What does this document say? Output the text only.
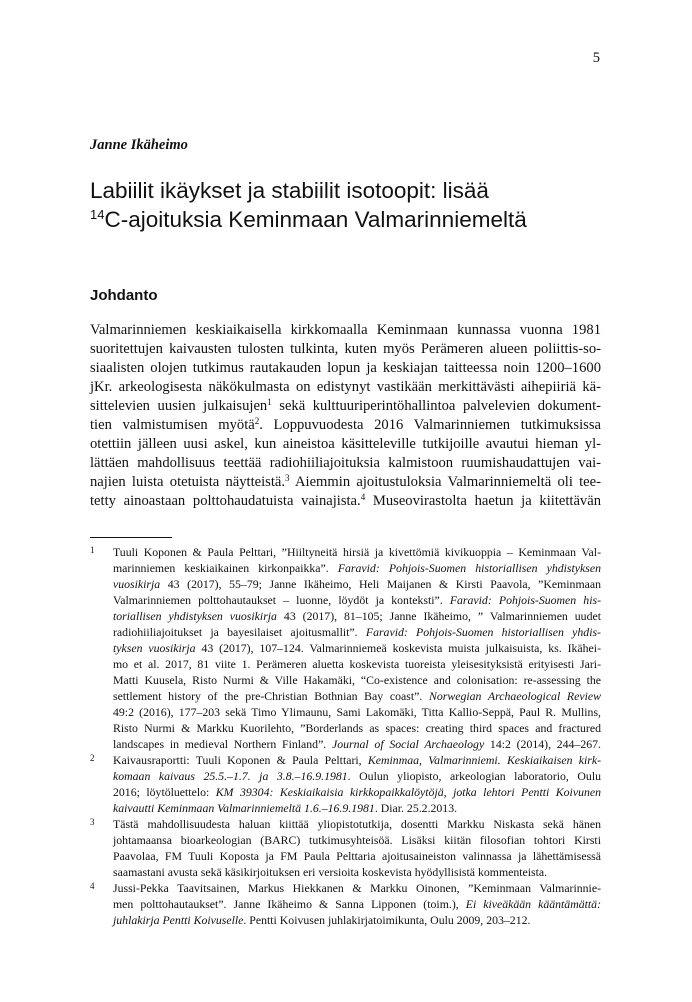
5
Janne Ikäheimo
Labiilit ikäykset ja stabiilit isotoopit: lisää
$^{14}$C-ajoituksia Keminmaan Valmarinniemeltä
Johdanto

Valmarinniemen keskiaikaisella kirkkomaalla Keminmaan kunnassa vuonna 1981
suoritettujen kaivausten tulosten tulkinta, kuten myös Perämeren alueen poliittis-so-
siaalisten olojen tutkimus rautakauden lopun ja keskiajan taitteessa noin 1200–1600
jKr. arkeologisesta näkökulmasta on edistynyt vastikään merkittävästi aihepiiriä kä-
sittelevien uusien julkaisujen$^1$ sekä kulttuuriperintöhallintoa palvelevien dokument-
tien valmistumisen myötä$^2$. Loppuvuodesta 2016 Valmarinniemen tutkimuksissa
otettiin jälleen uusi askel, kun aineistoa käsitteleville tutkijoille avautui hieman yl-
lättäen mahdollisuus teettää radiohiiliajoituksia kalmistoon ruumishaudattujen vai-
najien luista otetuista näytteistä.$^3$ Aiemmin ajoitustuloksia Valmarinniemeltä oli tee-
tetty ainoastaan polttohaudatuista vainajista.$^4$ Museovirastolta haetun ja kiitettävän

1 Tuuli Koponen & Paula Pelttari, ”Hiiltyneitä hirsiä ja kivettömiä kivikuoppia – Keminmaan Val-
marinniemen keskiaikainen kirkonpaikka”. Faravid: Pohjois-Suomen historiallisen yhdistyksen
vuosikirja 43 (2017), 55–79; Janne Ikäheimo, Heli Maijanen & Kirsti Paavola, ”Keminmaan
Valmarinniemen polttohautaukset – luonne, löydöt ja konteksti”. Faravid: Pohjois-Suomen his-
toriallisen yhdistyksen vuosikirja 43 (2017), 81–105; Janne Ikäheimo, ” Valmarinniemen uudet
radiohiiliajoitukset ja bayesilaiset ajoitusmallit”. Faravid: Pohjois-Suomen historiallisen yhdis-
tyksen vuosikirja 43 (2017), 107–124. Valmarinniemeä koskevista muista julkaisuista, ks. Ikähei-
mo et al. 2017, 81 viite 1. Perämeren aluetta koskevista tuoreista yleisesityksistä erityisesti Jari-
Matti Kuusela, Risto Nurmi & Ville Hakamäki, “Co-existence and colonisation: re-assessing the
settlement history of the pre-Christian Bothnian Bay coast”. Norwegian Archaeological Review
49:2 (2016), 177–203 sekä Timo Ylimaunu, Sami Lakomäki, Titta Kallio-Seppä, Paul R. Mullins,
Risto Nurmi & Markku Kuorilehto, ”Borderlands as spaces: creating third spaces and fractured
landscapes in medieval Northern Finland”. Journal of Social Archaeology 14:2 (2014), 244–267.
2 Kaivausraportti: Tuuli Koponen & Paula Pelttari, Keminmaa, Valmarinniemi. Keskiaikaisen kirk-
komaan kaivaus 25.5.–1.7. ja 3.8.–16.9.1981. Oulun yliopisto, arkeologian laboratorio, Oulu
2016; löytöluettelo: KM 39304: Keskiaikaisia kirkkopaikkalöytöjä, jotka lehtori Pentti Koivunen
kaivautti Keminmaan Valmarinniemeltä 1.6.–16.9.1981. Diar. 25.2.2013.
3 Tästä mahdollisuudesta haluan kiittää yliopistotutkija, dosentti Markku Niskasta sekä hänen
johtamaansa bioarkeologian (BARC) tutkimusyhteisöä. Lisäksi kiitän filosofian tohtori Kirsti
Paavolaa, FM Tuuli Kopostа ja FM Paula Pelttaria ajoitusaineiston valinnassa ja lähettämisessä
saamastani avusta sekä käsikirjoituksen eri versioita koskevista hyödyllisistä kommenteista.
4 Jussi-Pekka Taavitsainen, Markus Hiekkanen & Markku Oinonen, ”Keminmaan Valmarinnie-
men polttohautaukset”. Janne Ikäheimo & Sanna Lipponen (toim.), Ei kiveäkään kääntämättä:
juhlakirja Pentti Koivuselle. Pentti Koivusen juhlakirjatoimikunta, Oulu 2009, 203–212.
